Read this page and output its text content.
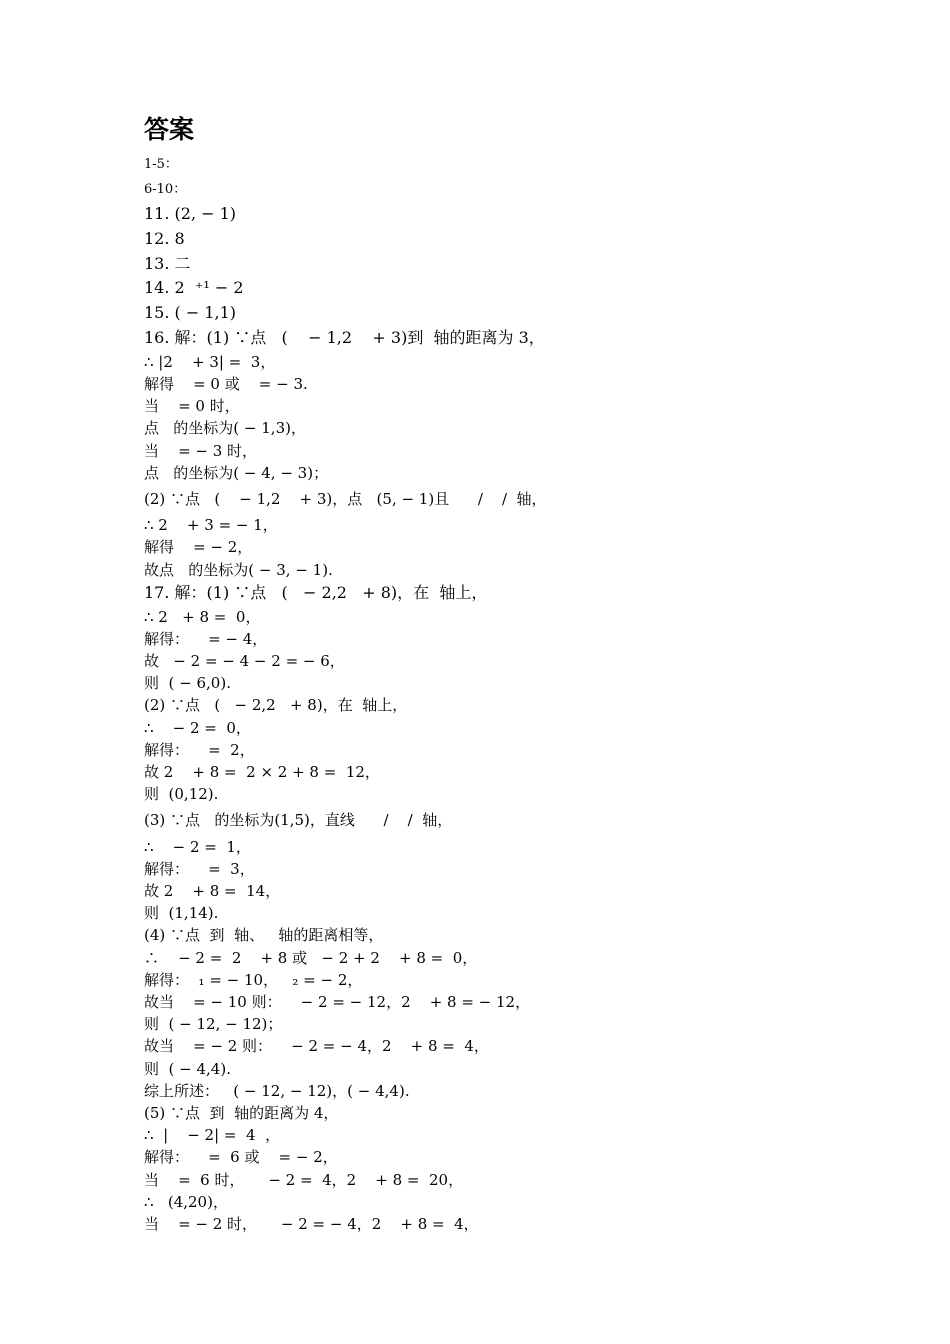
答案
1-5：
6-10：
11. (2, − 1)
12. 8
13. 二
14. 2  ⁺¹ − 2
15. ( − 1,1)
16. 解：(1) ∵点   (    − 1,2    + 3)到  轴的距离为 3，
∴ |2    + 3| =  3，
解得    = 0 或    = − 3.
当    = 0 时，
点   的坐标为( − 1,3)，
当    = − 3 时，
点   的坐标为( − 4, − 3)；
(2) ∵点   (    − 1,2    + 3)，点   (5, − 1)且      /    /  轴，
∴ 2    + 3 = − 1，
解得    = − 2，
故点   的坐标为( − 3, − 1).
17. 解：(1) ∵点   (   − 2,2   + 8)，在  轴上，
∴ 2   + 8 =  0，
解得：    = − 4，
故   − 2 = − 4 − 2 = − 6，
则  ( − 6,0).
(2) ∵点   (   − 2,2   + 8)，在  轴上，
∴    − 2 =  0，
解得：    =  2，
故 2    + 8 =  2 × 2 + 8 =  12，
则  (0,12).
(3) ∵点   的坐标为(1,5)，直线      /    /  轴，
∴    − 2 =  1，
解得：    =  3，
故 2    + 8 =  14，
则  (1,14).
(4) ∵点  到  轴、   轴的距离相等，
∴    − 2 =  2    + 8 或   − 2 + 2    + 8 =  0，
解得：  ₁ = − 10，   ₂ = − 2，
故当    = − 10 则：    − 2 = − 12，2    + 8 = − 12，
则  ( − 12, − 12)；
故当    = − 2 则：    − 2 = − 4，2    + 8 =  4，
则  ( − 4,4).
综上所述：   ( − 12, − 12)，( − 4,4).
(5) ∵点  到  轴的距离为 4，
∴  |    − 2| =  4  ，
解得：    =  6 或    = − 2，
当    =  6 时，     − 2 =  4，2    + 8 =  20，
∴   (4,20)，
当    = − 2 时，     − 2 = − 4，2    + 8 =  4，
